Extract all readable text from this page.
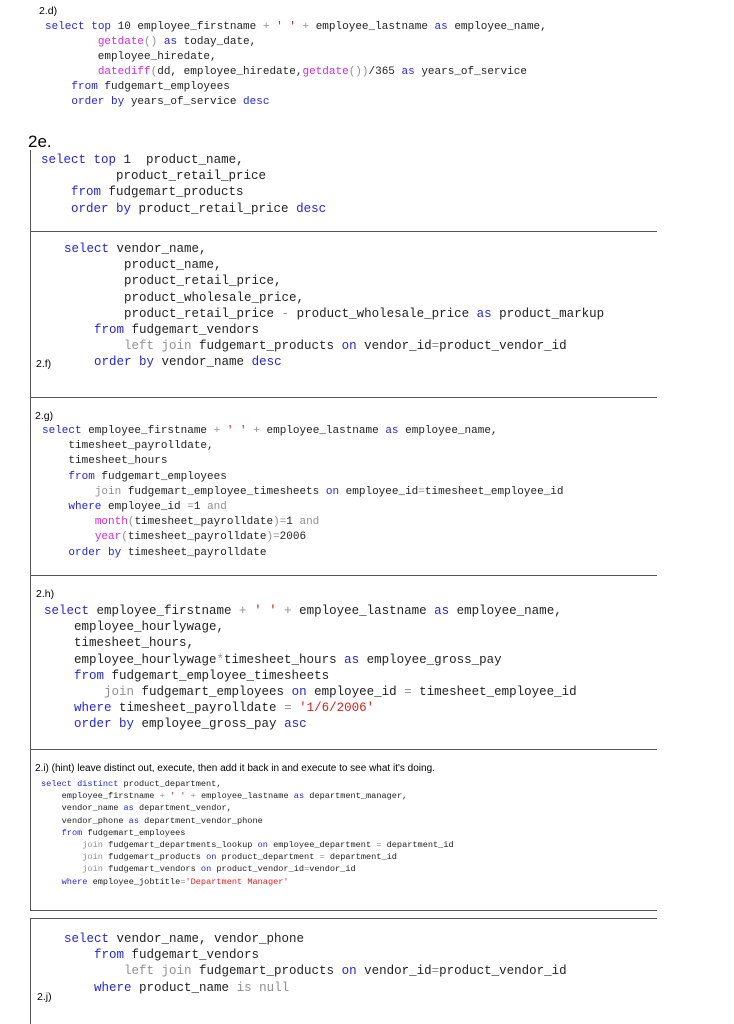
2.d)
select top 10 employee_firstname + ' ' + employee_lastname as employee_name,
getdate() as today_date,
employee_hiredate,
datediff(dd, employee_hiredate,getdate())/365 as years_of_service
from fudgemart_employees
order by years_of_service desc
2e.
select top 1  product_name,
product_retail_price
from fudgemart_products
order by product_retail_price desc
select vendor_name,
product_name,
product_retail_price,
product_wholesale_price,
product_retail_price - product_wholesale_price as product_markup
from fudgemart_vendors
left join fudgemart_products on vendor_id=product_vendor_id
order by vendor_name desc
2.f)
2.g)
select employee_firstname + ' ' + employee_lastname as employee_name,
timesheet_payrolldate,
timesheet_hours
from fudgemart_employees
join fudgemart_employee_timesheets on employee_id=timesheet_employee_id
where employee_id =1 and
month(timesheet_payrolldate)=1 and
year(timesheet_payrolldate)=2006
order by timesheet_payrolldate
2.h)
select employee_firstname + ' ' + employee_lastname as employee_name,
employee_hourlywage,
timesheet_hours,
employee_hourlywage*timesheet_hours as employee_gross_pay
from fudgemart_employee_timesheets
join fudgemart_employees on employee_id = timesheet_employee_id
where timesheet_payrolldate = '1/6/2006'
order by employee_gross_pay asc
2.i) (hint) leave distinct out, execute, then add it back in and execute to see what it's doing.
select distinct product_department,
employee_firstname + ' ' + employee_lastname as department_manager,
vendor_name as department_vendor,
vendor_phone as department_vendor_phone
from fudgemart_employees
join fudgemart_departments_lookup on employee_department = department_id
join fudgemart_products on product_department = department_id
join fudgemart_vendors on product_vendor_id=vendor_id
where employee_jobtitle='Department Manager'
select vendor_name, vendor_phone
from fudgemart_vendors
left join fudgemart_products on vendor_id=product_vendor_id
where product_name is null
2.j)
